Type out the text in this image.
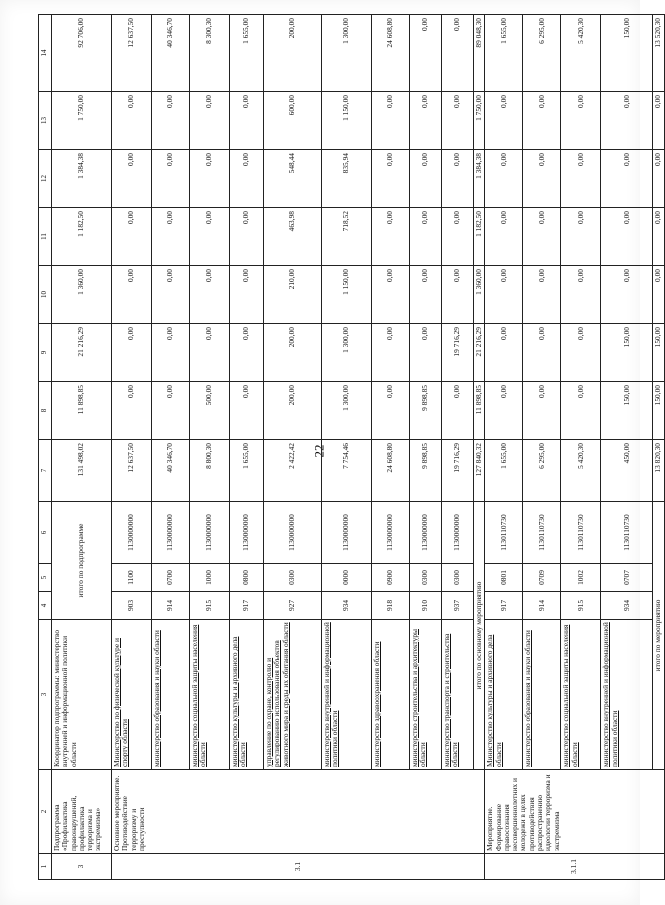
22
1	2	3	4	5	6	7	8	9	10	11	12	13	14
3	Подпрограмма «Профилактика правонарушений, профилактика терроризма и экстремизма»	Координатор подпрограммы: министерство внутренней и информационной политики области	итого по подпрограмме			131 498,02	11 898,85	21 216,29	1 360,00	1 182,50	1 384,38	1 750,00	92 706,00
3.1	Основное мероприятие. Противодействие терроризму и преступности	Министерство по физической культуре и спорту области	903	1100	1130000000	12 637,50	0,00	0,00	0,00	0,00	0,00	0,00	12 637,50
		министерство образования и науки области	914	0700	1130000000	40 346,70	0,00	0,00	0,00	0,00	0,00	0,00	40 346,70
		министерство социальной защиты населения области	915	1000	1130000000	8 800,30	500,00	0,00	0,00	0,00	0,00	0,00	8 300,30
		министерство культуры и архивного дела области	917	0800	1130000000	1 655,00	0,00	0,00	0,00	0,00	0,00	0,00	1 655,00
		управление по охране, контролю и регулированию использования объектов животного мира и среды их обитания области	927	0300	1130000000	2 422,42	200,00	200,00	210,00	463,98	548,44	600,00	200,00
		министерство внутренней и информационной политики области	934	0000	1130000000	7 754,46	1 300,00	1 300,00	1 150,00	718,52	835,94	1 150,00	1 300,00
		министерство здравоохранения области	918	0900	1130000000	24 608,80	0,00	0,00	0,00	0,00	0,00	0,00	24 608,80
		министерство строительства и архитектуры области	910	0300	1130000000	9 898,85	9 898,85	0,00	0,00	0,00	0,00	0,00	0,00
		министерство транспорта и строительства области	937	0300	1130000000	19 716,29	0,00	19 716,29	0,00	0,00	0,00	0,00	0,00
		итого по основному мероприятию				127 840,32	11 898,85	21 216,29	1 360,00	1 182,50	1 384,38	1 750,00	89 048,30
3.1.1	Мероприятие. Формирование правосознания несовершеннолетних и молодежи в целях противодействия распространению идеологии терроризма и экстремизма	Министерство культуры и архивного дела области	917	0801	1130110730	1 655,00	0,00	0,00	0,00	0,00	0,00	0,00	1 655,00
		министерство образования и науки области	914	0709	1130110730	6 295,00	0,00	0,00	0,00	0,00	0,00	0,00	6 295,00
		министерство социальной защиты населения области	915	1002	1130110730	5 420,30	0,00	0,00	0,00	0,00	0,00	0,00	5 420,30
		министерство внутренней и информационной политики области	934	0707	1130110730	450,00	150,00	150,00	0,00	0,00	0,00	0,00	150,00
		итого по мероприятию				13 820,30	150,00	150,00	0,00	0,00	0,00	0,00	13 520,30
